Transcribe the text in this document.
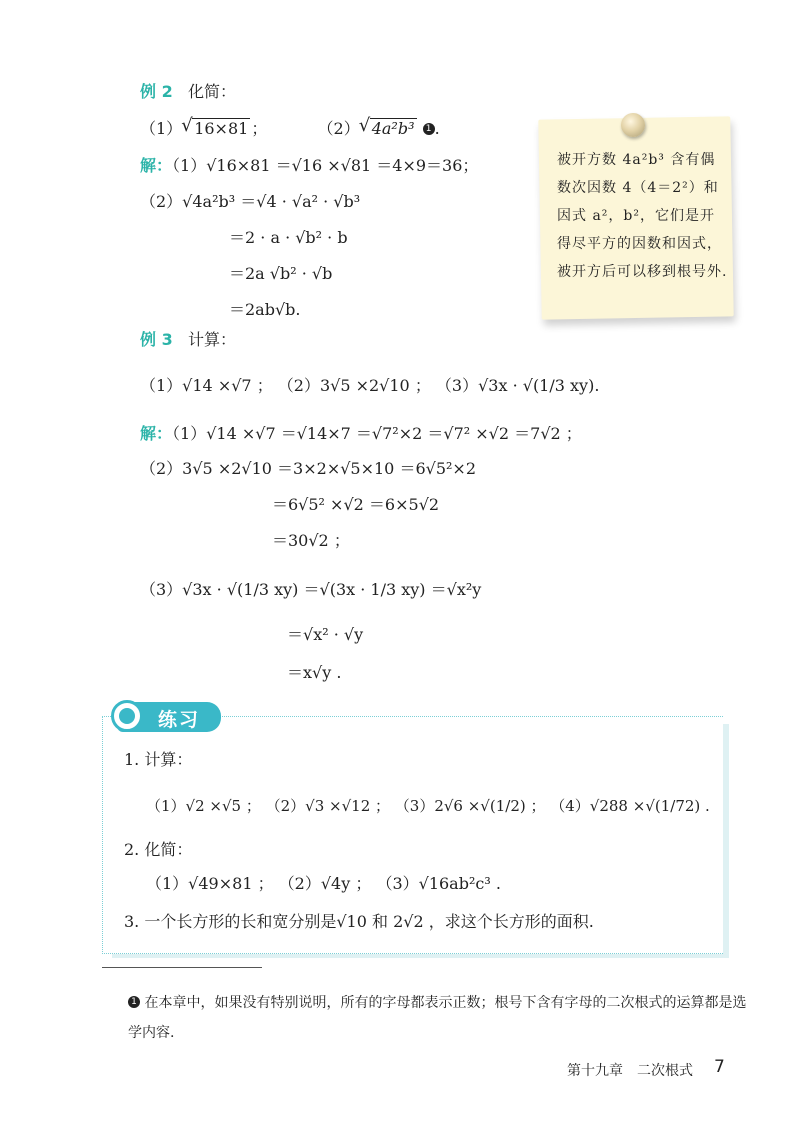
例 2 化简：
（1） √ 16×81 ；	（2） √ 4a²b³ 1 .
解：（1）√16×81 ＝√16 ×√81 ＝4×9＝36；
（2）√4a²b³ ＝√4 · √a² · √b³
＝2 · a · √b² · b
＝2a √b² · √b
＝2ab√b.
被开方数 4a²b³ 含有偶数次因数 4（4＝2²）和因式 a²，b²，它们是开得尽平方的因数和因式，被开方后可以移到根号外.
例 3 计算：
（1）√14 ×√7 ； （2）3√5 ×2√10 ； （3）√3x · √(1/3 xy).
解：（1）√14 ×√7 ＝√14×7 ＝√7²×2 ＝√7² ×√2 ＝7√2 ；
（2）3√5 ×2√10 ＝3×2×√5×10 ＝6√5²×2
＝6√5² ×√2 ＝6×5√2
＝30√2 ；
（3）√3x · √(1/3 xy) ＝√(3x · 1/3 xy) ＝√x²y
＝√x² · √y
＝x√y .
练习
1. 计算：
（1）√2 ×√5 ； （2）√3 ×√12 ； （3）2√6 ×√(1/2) ； （4）√288 ×√(1/72) .
2. 化简：
（1）√49×81 ； （2）√4y ； （3）√16ab²c³ .
3. 一个长方形的长和宽分别是√10 和 2√2 ，求这个长方形的面积.
1 在本章中，如果没有特别说明，所有的字母都表示正数；根号下含有字母的二次根式的运算都是选学内容.
第十九章　二次根式 7
